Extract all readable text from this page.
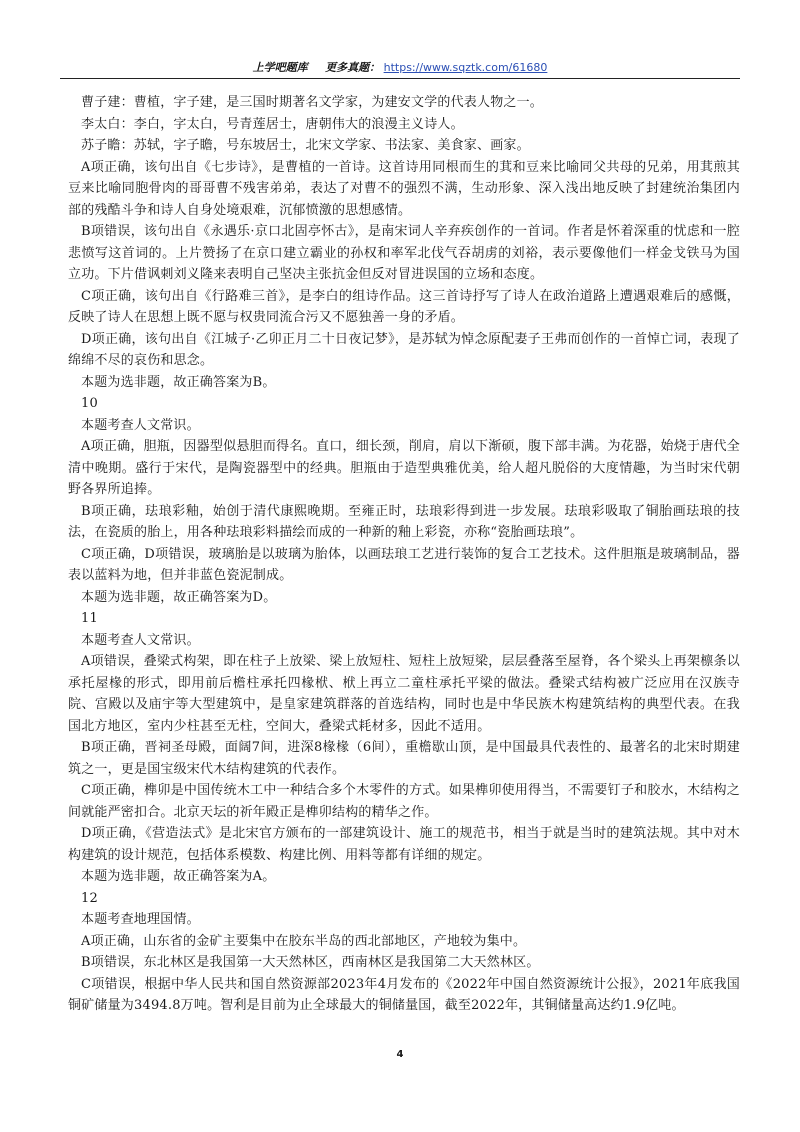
上学吧题库 更多真题： https://www.sqztk.com/61680

曹子建：曹植，字子建，是三国时期著名文学家，为建安文学的代表人物之一。

李太白：李白，字太白，号青莲居士，唐朝伟大的浪漫主义诗人。

苏子瞻：苏轼，字子瞻，号东坡居士，北宋文学家、书法家、美食家、画家。

A项正确，该句出自《七步诗》，是曹植的一首诗。这首诗用同根而生的萁和豆来比喻同父共母的兄弟，用萁煎其豆来比喻同胞骨肉的哥哥曹不残害弟弟，表达了对曹不的强烈不满，生动形象、深入浅出地反映了封建统治集团内部的残酷斗争和诗人自身处境艰难，沉郁愤激的思想感情。

B项错误，该句出自《永遇乐·京口北固亭怀古》，是南宋词人辛弃疾创作的一首词。作者是怀着深重的忧虑和一腔悲愤写这首词的。上片赞扬了在京口建立霸业的孙权和率军北伐气吞胡虏的刘裕，表示要像他们一样金戈铁马为国立功。下片借讽刺刘义隆来表明自己坚决主张抗金但反对冒进误国的立场和态度。

C项正确，该句出自《行路难三首》，是李白的组诗作品。这三首诗抒写了诗人在政治道路上遭遇艰难后的感慨，反映了诗人在思想上既不愿与权贵同流合污又不愿独善一身的矛盾。

D项正确，该句出自《江城子·乙卯正月二十日夜记梦》，是苏轼为悼念原配妻子王弗而创作的一首悼亡词，表现了绵绵不尽的哀伤和思念。

本题为选非题，故正确答案为B。

10

本题考查人文常识。

A项正确，胆瓶，因器型似悬胆而得名。直口，细长颈，削肩，肩以下渐硕，腹下部丰满。为花器，始烧于唐代全清中晚期。盛行于宋代，是陶瓷器型中的经典。胆瓶由于造型典雅优美，给人超凡脱俗的大度情趣，为当时宋代朝野各界所追捧。

B项正确，珐琅彩釉，始创于清代康熙晚期。至雍正时，珐琅彩得到进一步发展。珐琅彩吸取了铜胎画珐琅的技法，在瓷质的胎上，用各种珐琅彩料描绘而成的一种新的釉上彩瓷，亦称“瓷胎画珐琅”。

C项正确，D项错误，玻璃胎是以玻璃为胎体，以画珐琅工艺进行装饰的复合工艺技术。这件胆瓶是玻璃制品，器表以蓝料为地，但并非蓝色瓷泥制成。

本题为选非题，故正确答案为D。

11

本题考查人文常识。

A项错误，叠梁式构架，即在柱子上放梁、梁上放短柱、短柱上放短梁，层层叠落至屋脊，各个梁头上再架檩条以承托屋椽的形式，即用前后檐柱承托四椽栿、栿上再立二童柱承托平梁的做法。叠梁式结构被广泛应用在汉族寺院、宫殿以及庙宇等大型建筑中，是皇家建筑群落的首选结构，同时也是中华民族木构建筑结构的典型代表。在我国北方地区，室内少柱甚至无柱，空间大，叠梁式耗材多，因此不适用。

B项正确，晋祠圣母殿，面阔7间，进深8椽椽（6间），重檐歇山顶，是中国最具代表性的、最著名的北宋时期建筑之一，更是国宝级宋代木结构建筑的代表作。

C项正确，榫卯是中国传统木工中一种结合多个木零件的方式。如果榫卯使用得当，不需要钉子和胶水，木结构之间就能严密扣合。北京天坛的祈年殿正是榫卯结构的精华之作。

D项正确，《营造法式》是北宋官方颁布的一部建筑设计、施工的规范书，相当于就是当时的建筑法规。其中对木构建筑的设计规范，包括体系模数、构建比例、用料等都有详细的规定。

本题为选非题，故正确答案为A。

12

本题考查地理国情。

A项正确，山东省的金矿主要集中在胶东半岛的西北部地区，产地较为集中。

B项错误，东北林区是我国第一大天然林区，西南林区是我国第二大天然林区。

C项错误，根据中华人民共和国自然资源部2023年4月发布的《2022年中国自然资源统计公报》，2021年底我国铜矿储量为3494.8万吨。智利是目前为止全球最大的铜储量国，截至2022年，其铜储量高达约1.9亿吨。

4
